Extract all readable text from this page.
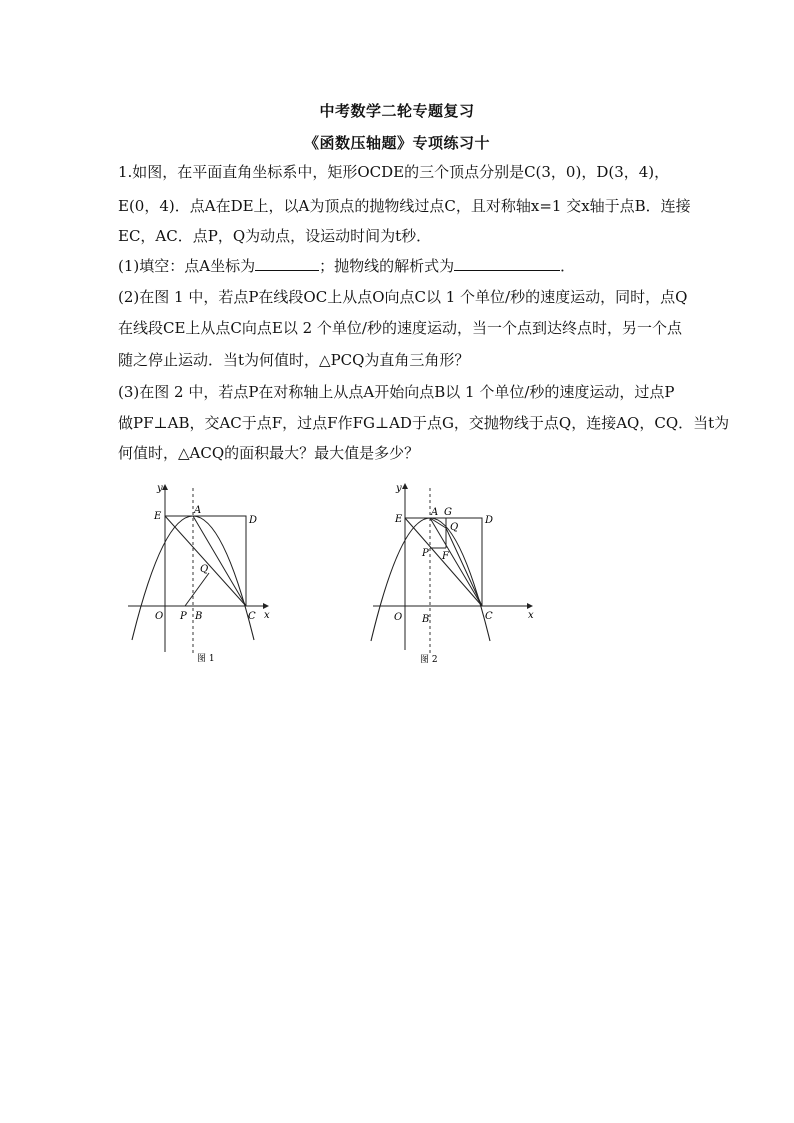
中考数学二轮专题复习
《函数压轴题》专项练习十
1.如图，在平面直角坐标系中，矩形OCDE的三个顶点分别是C(3，0)，D(3，4)，
E(0，4)．点A在DE上，以A为顶点的抛物线过点C，且对称轴x=1 交x轴于点B．连接
EC，AC．点P，Q为动点，设运动时间为t秒．
(1)填空：点A坐标为	；抛物线的解析式为	．
(2)在图 1 中，若点P在线段OC上从点O向点C以 1 个单位/秒的速度运动，同时，点Q
在线段CE上从点C向点E以 2 个单位/秒的速度运动，当一个点到达终点时，另一个点
随之停止运动．当t为何值时，△PCQ为直角三角形？
(3)在图 2 中，若点P在对称轴上从点A开始向点B以 1 个单位/秒的速度运动，过点P
做PF⊥AB，交AC于点F，过点F作FG⊥AD于点G，交抛物线于点Q，连接AQ，CQ．当t为
何值时，△ACQ的面积最大？最大值是多少？
y
x
E
A
D
Q
O P B	C
图 1
y
x
E
A G
D
Q
P F
O B	C
图 2
